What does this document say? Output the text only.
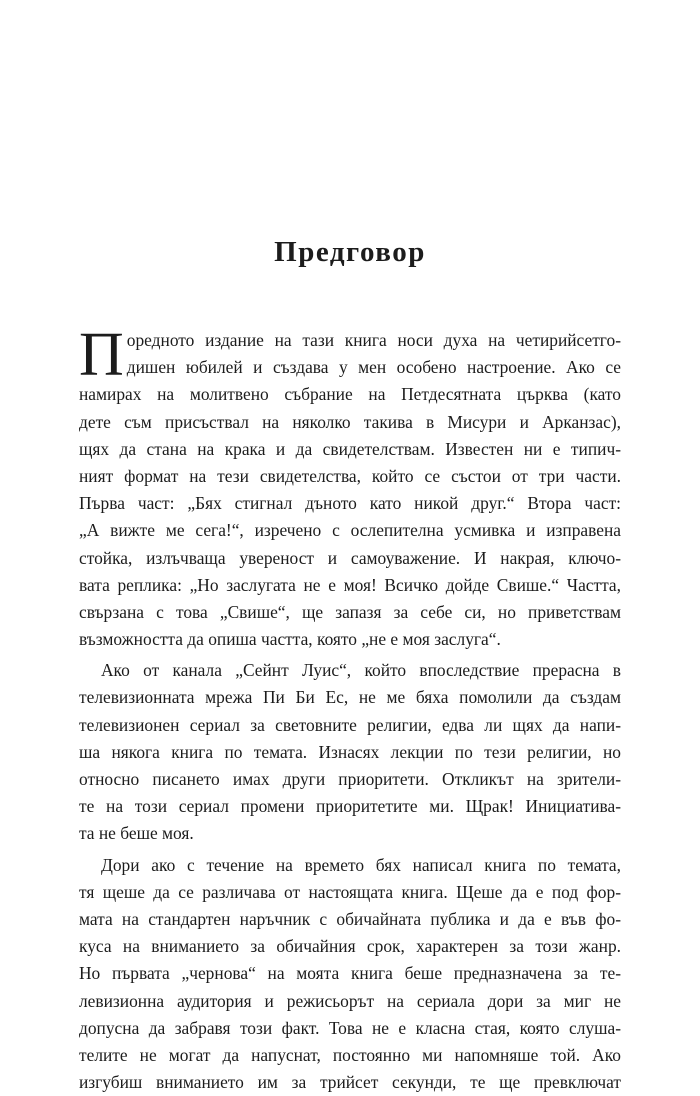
Предговор
П оредното издание на тази книга носи духа на четирийсетго-
дишен юбилей и създава у мен особено настроение. Ако се
намирах на молитвено събрание на Петдесятната църква (като
дете съм присъствал на няколко такива в Мисури и Арканзас),
щях да стана на крака и да свидетелствам. Известен ни е типич-
ният формат на тези свидетелства, който се състои от три части.
Първа част: „Бях стигнал дъното като никой друг.“ Втора част:
„А вижте ме сега!“, изречено с ослепителна усмивка и изправена
стойка, излъчваща увереност и самоуважение. И накрая, ключо-
вата реплика: „Но заслугата не е моя! Всичко дойде Свише.“ Частта,
свързана с това „Свише“, ще запазя за себе си, но приветствам
възможността да опиша частта, която „не е моя заслуга“.
Ако от канала „Сейнт Луис“, който впоследствие прерасна в
телевизионната мрежа Пи Би Ес, не ме бяха помолили да създам
телевизионен сериал за световните религии, едва ли щях да напи-
ша някога книга по темата. Изнасях лекции по тези религии, но
относно писането имах други приоритети. Откликът на зрители-
те на този сериал промени приоритетите ми. Щрак! Инициатива-
та не беше моя.
Дори ако с течение на времето бях написал книга по темата,
тя щеше да се различава от настоящата книга. Щеше да е под фор-
мата на стандартен наръчник с обичайната публика и да е във фо-
куса на вниманието за обичайния срок, характерен за този жанр.
Но първата „чернова“ на моята книга беше предназначена за те-
левизионна аудитория и режисьорът на сериала дори за миг не
допусна да забравя този факт. Това не е класна стая, която слуша-
телите не могат да напуснат, постоянно ми напомняше той. Ако
изгубиш вниманието им за трийсет секунди, те ще превключат
